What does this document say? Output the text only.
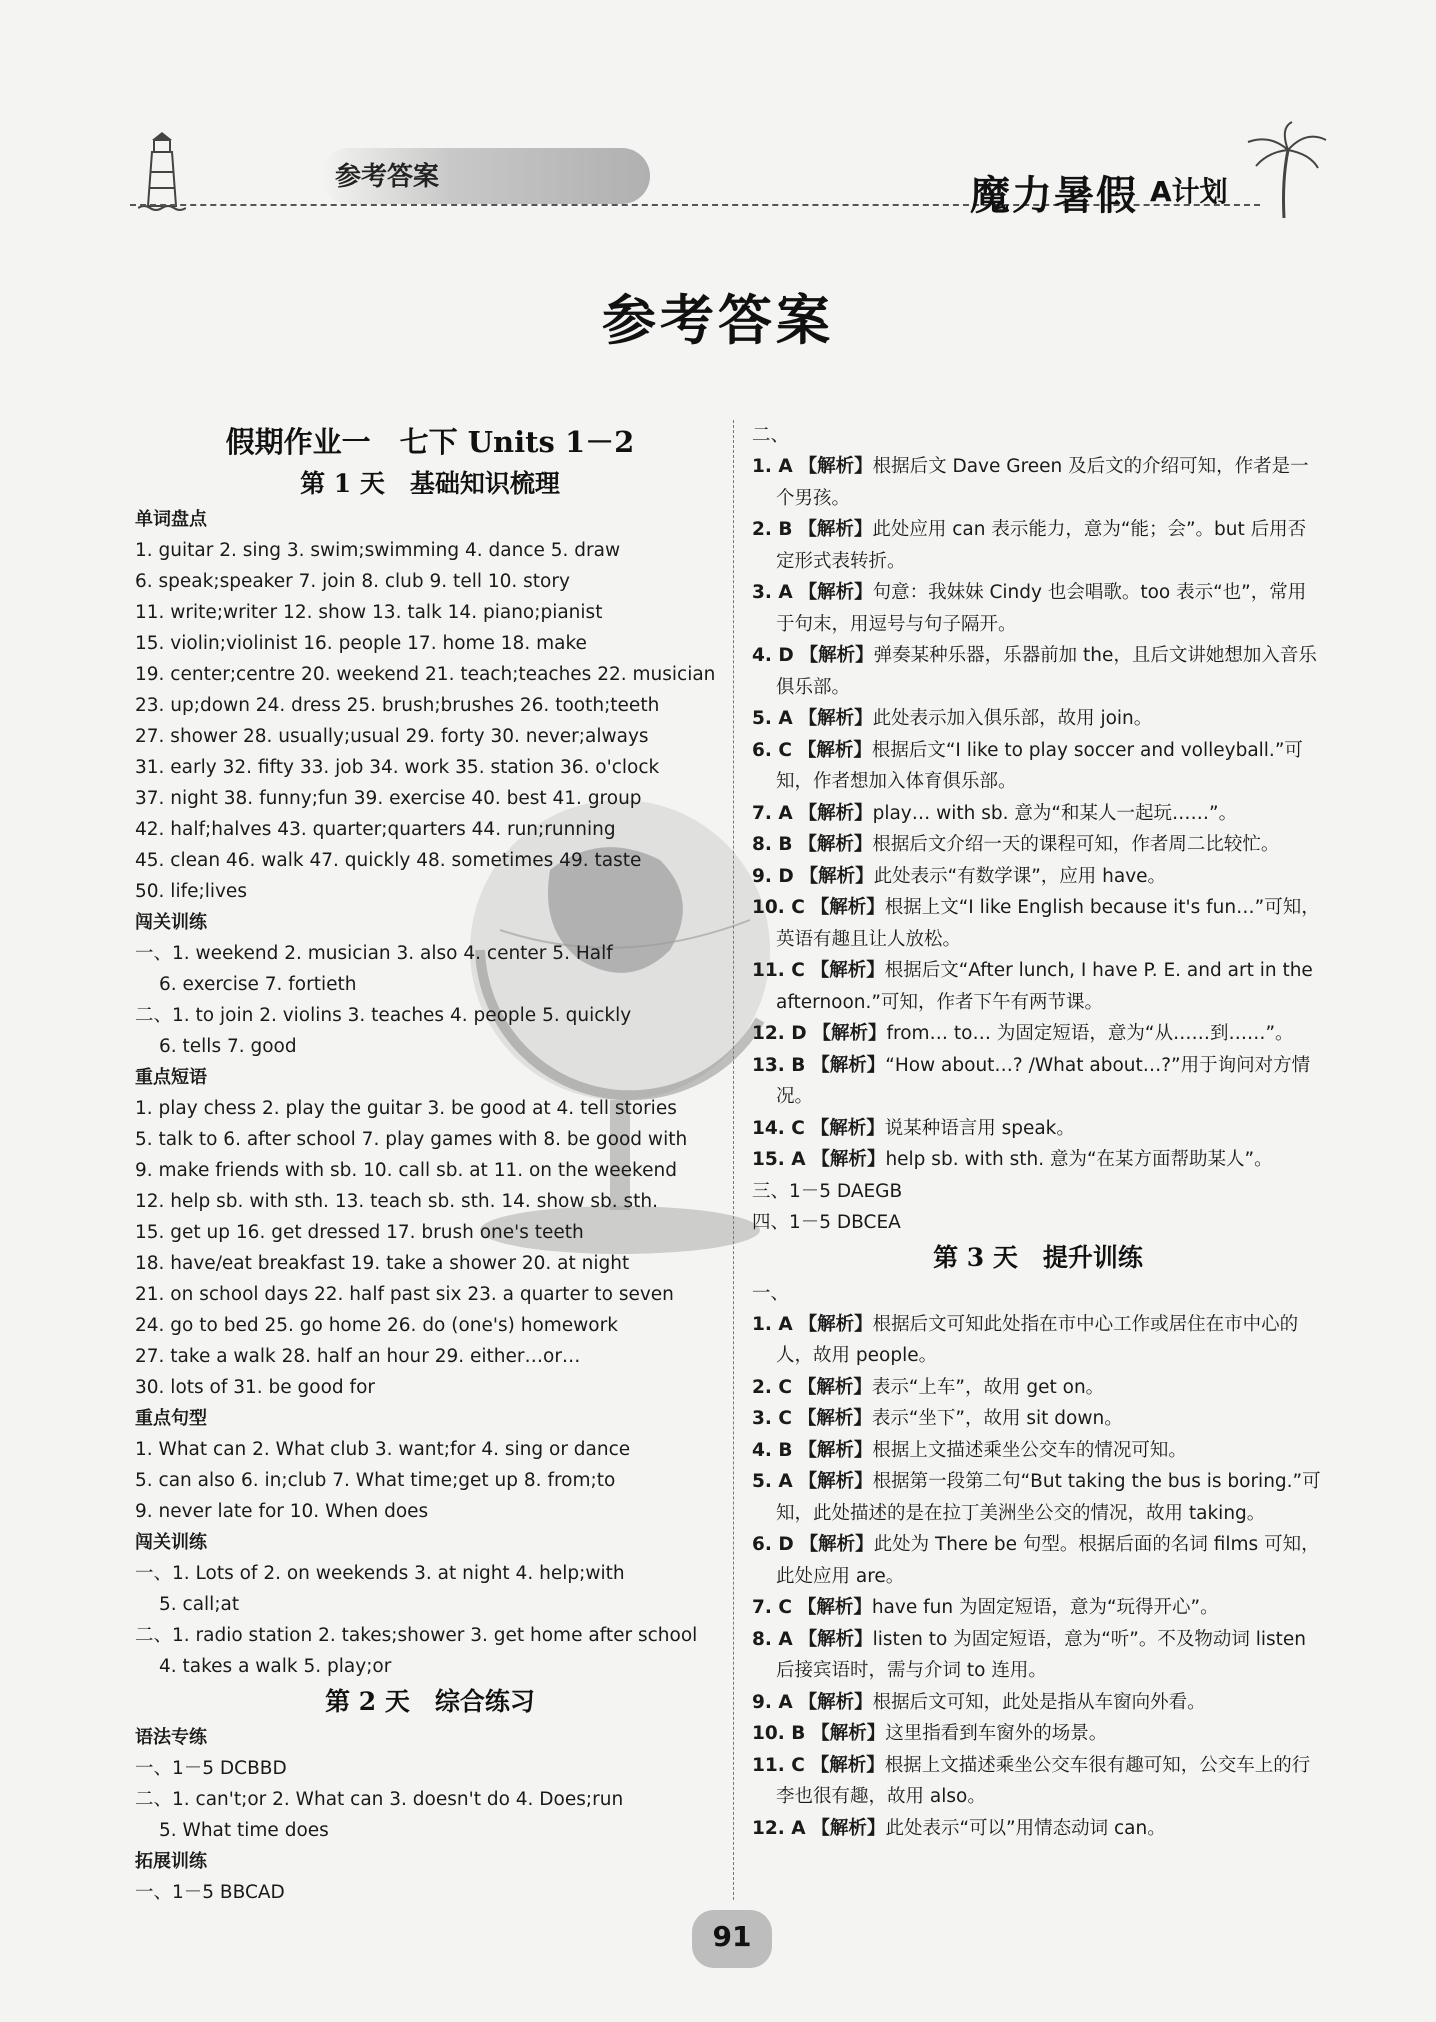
参考答案	魔力暑假 A计划
参考答案
假期作业一　七下 Units 1－2
第 1 天　基础知识梳理
单词盘点
1. guitar 2. sing 3. swim;swimming 4. dance 5. draw
6. speak;speaker 7. join 8. club 9. tell 10. story
11. write;writer 12. show 13. talk 14. piano;pianist
15. violin;violinist 16. people 17. home 18. make
19. center;centre 20. weekend 21. teach;teaches 22. musician
23. up;down 24. dress 25. brush;brushes 26. tooth;teeth
27. shower 28. usually;usual 29. forty 30. never;always
31. early 32. fifty 33. job 34. work 35. station 36. o'clock
37. night 38. funny;fun 39. exercise 40. best 41. group
42. half;halves 43. quarter;quarters 44. run;running
45. clean 46. walk 47. quickly 48. sometimes 49. taste
50. life;lives
闯关训练
一、1. weekend 2. musician 3. also 4. center 5. Half
6. exercise 7. fortieth
二、1. to join 2. violins 3. teaches 4. people 5. quickly
6. tells 7. good
重点短语
1. play chess 2. play the guitar 3. be good at 4. tell stories
5. talk to 6. after school 7. play games with 8. be good with
9. make friends with sb. 10. call sb. at 11. on the weekend
12. help sb. with sth. 13. teach sb. sth. 14. show sb. sth.
15. get up 16. get dressed 17. brush one's teeth
18. have/eat breakfast 19. take a shower 20. at night
21. on school days 22. half past six 23. a quarter to seven
24. go to bed 25. go home 26. do (one's) homework
27. take a walk 28. half an hour 29. either…or…
30. lots of 31. be good for
重点句型
1. What can 2. What club 3. want;for 4. sing or dance
5. can also 6. in;club 7. What time;get up 8. from;to
9. never late for 10. When does
闯关训练
一、1. Lots of 2. on weekends 3. at night 4. help;with
5. call;at
二、1. radio station 2. takes;shower 3. get home after school
4. takes a walk 5. play;or
第 2 天　综合练习
语法专练
一、1－5 DCBBD
二、1. can't;or 2. What can 3. doesn't do 4. Does;run
5. What time does
拓展训练
一、1－5 BBCAD
二、
1. A 【解析】根据后文 Dave Green 及后文的介绍可知，作者是一个男孩。
2. B 【解析】此处应用 can 表示能力，意为“能；会”。but 后用否定形式表转折。
3. A 【解析】句意：我妹妹 Cindy 也会唱歌。too 表示“也”，常用于句末，用逗号与句子隔开。
4. D 【解析】弹奏某种乐器，乐器前加 the，且后文讲她想加入音乐俱乐部。
5. A 【解析】此处表示加入俱乐部，故用 join。
6. C 【解析】根据后文“I like to play soccer and volleyball.”可知，作者想加入体育俱乐部。
7. A 【解析】play… with sb. 意为“和某人一起玩……”。
8. B 【解析】根据后文介绍一天的课程可知，作者周二比较忙。
9. D 【解析】此处表示“有数学课”，应用 have。
10. C 【解析】根据上文“I like English because it's fun…”可知，英语有趣且让人放松。
11. C 【解析】根据后文“After lunch, I have P. E. and art in the afternoon.”可知，作者下午有两节课。
12. D 【解析】from… to… 为固定短语，意为“从……到……”。
13. B 【解析】“How about…? /What about…?”用于询问对方情况。
14. C 【解析】说某种语言用 speak。
15. A 【解析】help sb. with sth. 意为“在某方面帮助某人”。
三、1－5 DAEGB
四、1－5 DBCEA
第 3 天　提升训练
一、
1. A 【解析】根据后文可知此处指在市中心工作或居住在市中心的人，故用 people。
2. C 【解析】表示“上车”，故用 get on。
3. C 【解析】表示“坐下”，故用 sit down。
4. B 【解析】根据上文描述乘坐公交车的情况可知。
5. A 【解析】根据第一段第二句“But taking the bus is boring.”可知，此处描述的是在拉丁美洲坐公交的情况，故用 taking。
6. D 【解析】此处为 There be 句型。根据后面的名词 films 可知，此处应用 are。
7. C 【解析】have fun 为固定短语，意为“玩得开心”。
8. A 【解析】listen to 为固定短语，意为“听”。不及物动词 listen 后接宾语时，需与介词 to 连用。
9. A 【解析】根据后文可知，此处是指从车窗向外看。
10. B 【解析】这里指看到车窗外的场景。
11. C 【解析】根据上文描述乘坐公交车很有趣可知，公交车上的行李也很有趣，故用 also。
12. A 【解析】此处表示“可以”用情态动词 can。
91
